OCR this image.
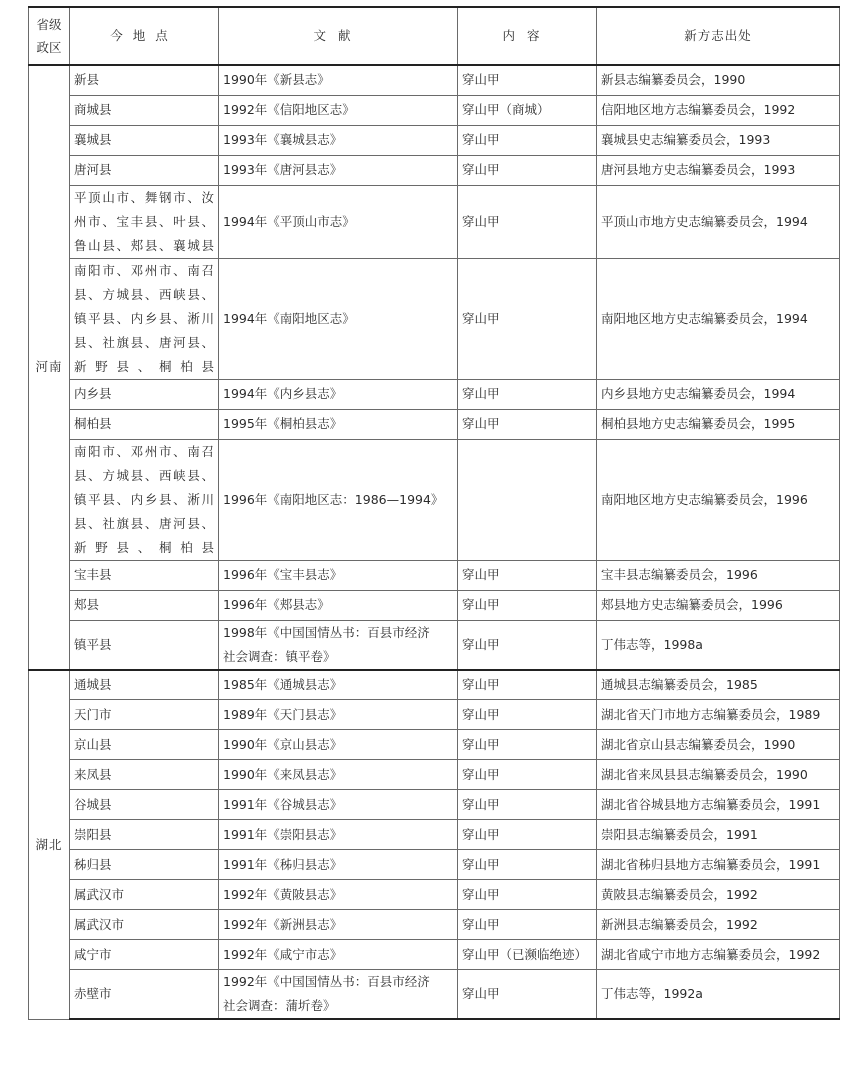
省级
政区	今地点	文献	内容	新方志出处
河南	新县	1990年《新县志》	穿山甲	新县志编纂委员会，1990

	商城县	1992年《信阳地区志》	穿山甲（商城）	信阳地区地方志编纂委员会，1992

	襄城县	1993年《襄城县志》	穿山甲	襄城县史志编纂委员会，1993

	唐河县	1993年《唐河县志》	穿山甲	唐河县地方史志编纂委员会，1993

	平顶山市、舞钢市、汝
州市、宝丰县、叶县、
鲁山县、郏县、襄城县	1994年《平顶山市志》	穿山甲	平顶山市地方史志编纂委员会，1994

	南阳市、邓州市、南召
县、方城县、西峡县、
镇平县、内乡县、淅川
县、社旗县、唐河县、
新野县、桐柏县	1994年《南阳地区志》	穿山甲	南阳地区地方史志编纂委员会，1994

	内乡县	1994年《内乡县志》	穿山甲	内乡县地方史志编纂委员会，1994

	桐柏县	1995年《桐柏县志》	穿山甲	桐柏县地方史志编纂委员会，1995

	南阳市、邓州市、南召
县、方城县、西峡县、
镇平县、内乡县、淅川
县、社旗县、唐河县、
新野县、桐柏县	1996年《南阳地区志：1986—1994》		南阳地区地方史志编纂委员会，1996

	宝丰县	1996年《宝丰县志》	穿山甲	宝丰县志编纂委员会，1996

	郏县	1996年《郏县志》	穿山甲	郏县地方史志编纂委员会，1996

	镇平县	1998年《中国国情丛书：百县市经济
社会调查：镇平卷》	穿山甲	丁伟志等，1998a
湖北	通城县	1985年《通城县志》	穿山甲	通城县志编纂委员会，1985

	天门市	1989年《天门县志》	穿山甲	湖北省天门市地方志编纂委员会，1989

	京山县	1990年《京山县志》	穿山甲	湖北省京山县志编纂委员会，1990

	来凤县	1990年《来凤县志》	穿山甲	湖北省来凤县县志编纂委员会，1990

	谷城县	1991年《谷城县志》	穿山甲	湖北省谷城县地方志编纂委员会，1991

	崇阳县	1991年《崇阳县志》	穿山甲	崇阳县志编纂委员会，1991

	秭归县	1991年《秭归县志》	穿山甲	湖北省秭归县地方志编纂委员会，1991

	属武汉市	1992年《黄陂县志》	穿山甲	黄陂县志编纂委员会，1992

	属武汉市	1992年《新洲县志》	穿山甲	新洲县志编纂委员会，1992

	咸宁市	1992年《咸宁市志》	穿山甲（已濒临绝迹）	湖北省咸宁市地方志编纂委员会，1992

	赤壁市	1992年《中国国情丛书：百县市经济
社会调查：蒲圻卷》	穿山甲	丁伟志等，1992a
